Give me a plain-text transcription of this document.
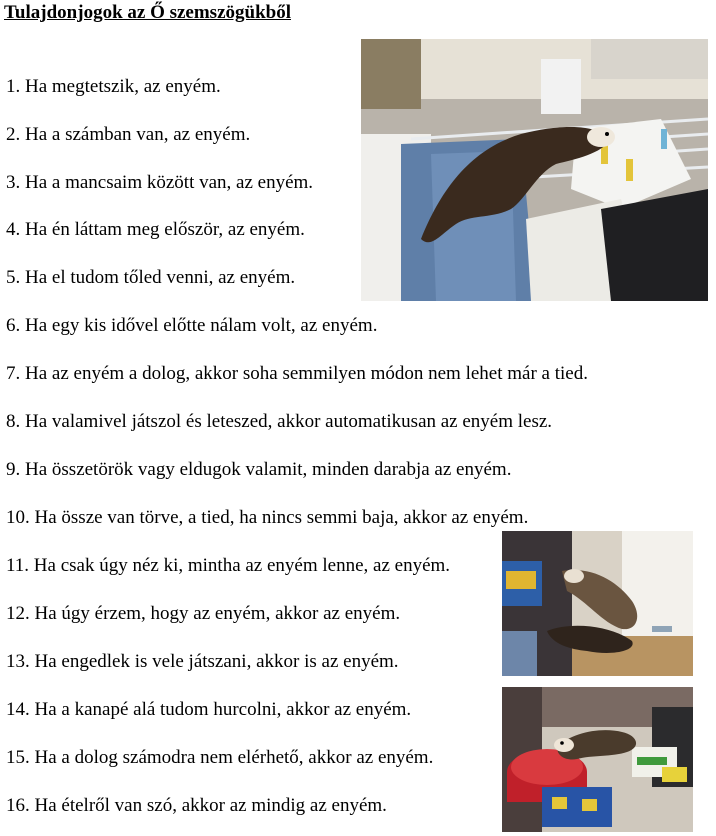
Tulajdonjogok az Ő szemszögükből
1. Ha megtetszik, az enyém.
2. Ha a számban van, az enyém.
3. Ha a mancsaim között van, az enyém.
4. Ha én láttam meg először, az enyém.
5. Ha el tudom tőled venni, az enyém.
6. Ha egy kis idővel előtte nálam volt, az enyém.
7. Ha az enyém a dolog, akkor soha semmilyen módon nem lehet már a tied.
8. Ha valamivel játszol és leteszed, akkor automatikusan az enyém lesz.
9. Ha összetörök vagy eldugok valamit, minden darabja az enyém.
10. Ha össze van törve, a tied, ha nincs semmi baja, akkor az enyém.
11. Ha csak úgy néz ki, mintha az enyém lenne, az enyém.
12. Ha úgy érzem, hogy az enyém, akkor az enyém.
13. Ha engedlek is vele játszani, akkor is az enyém.
14. Ha a kanapé alá tudom hurcolni, akkor az enyém.
15. Ha a dolog számodra nem elérhető, akkor az enyém.
16. Ha ételről van szó, akkor az mindig az enyém.
